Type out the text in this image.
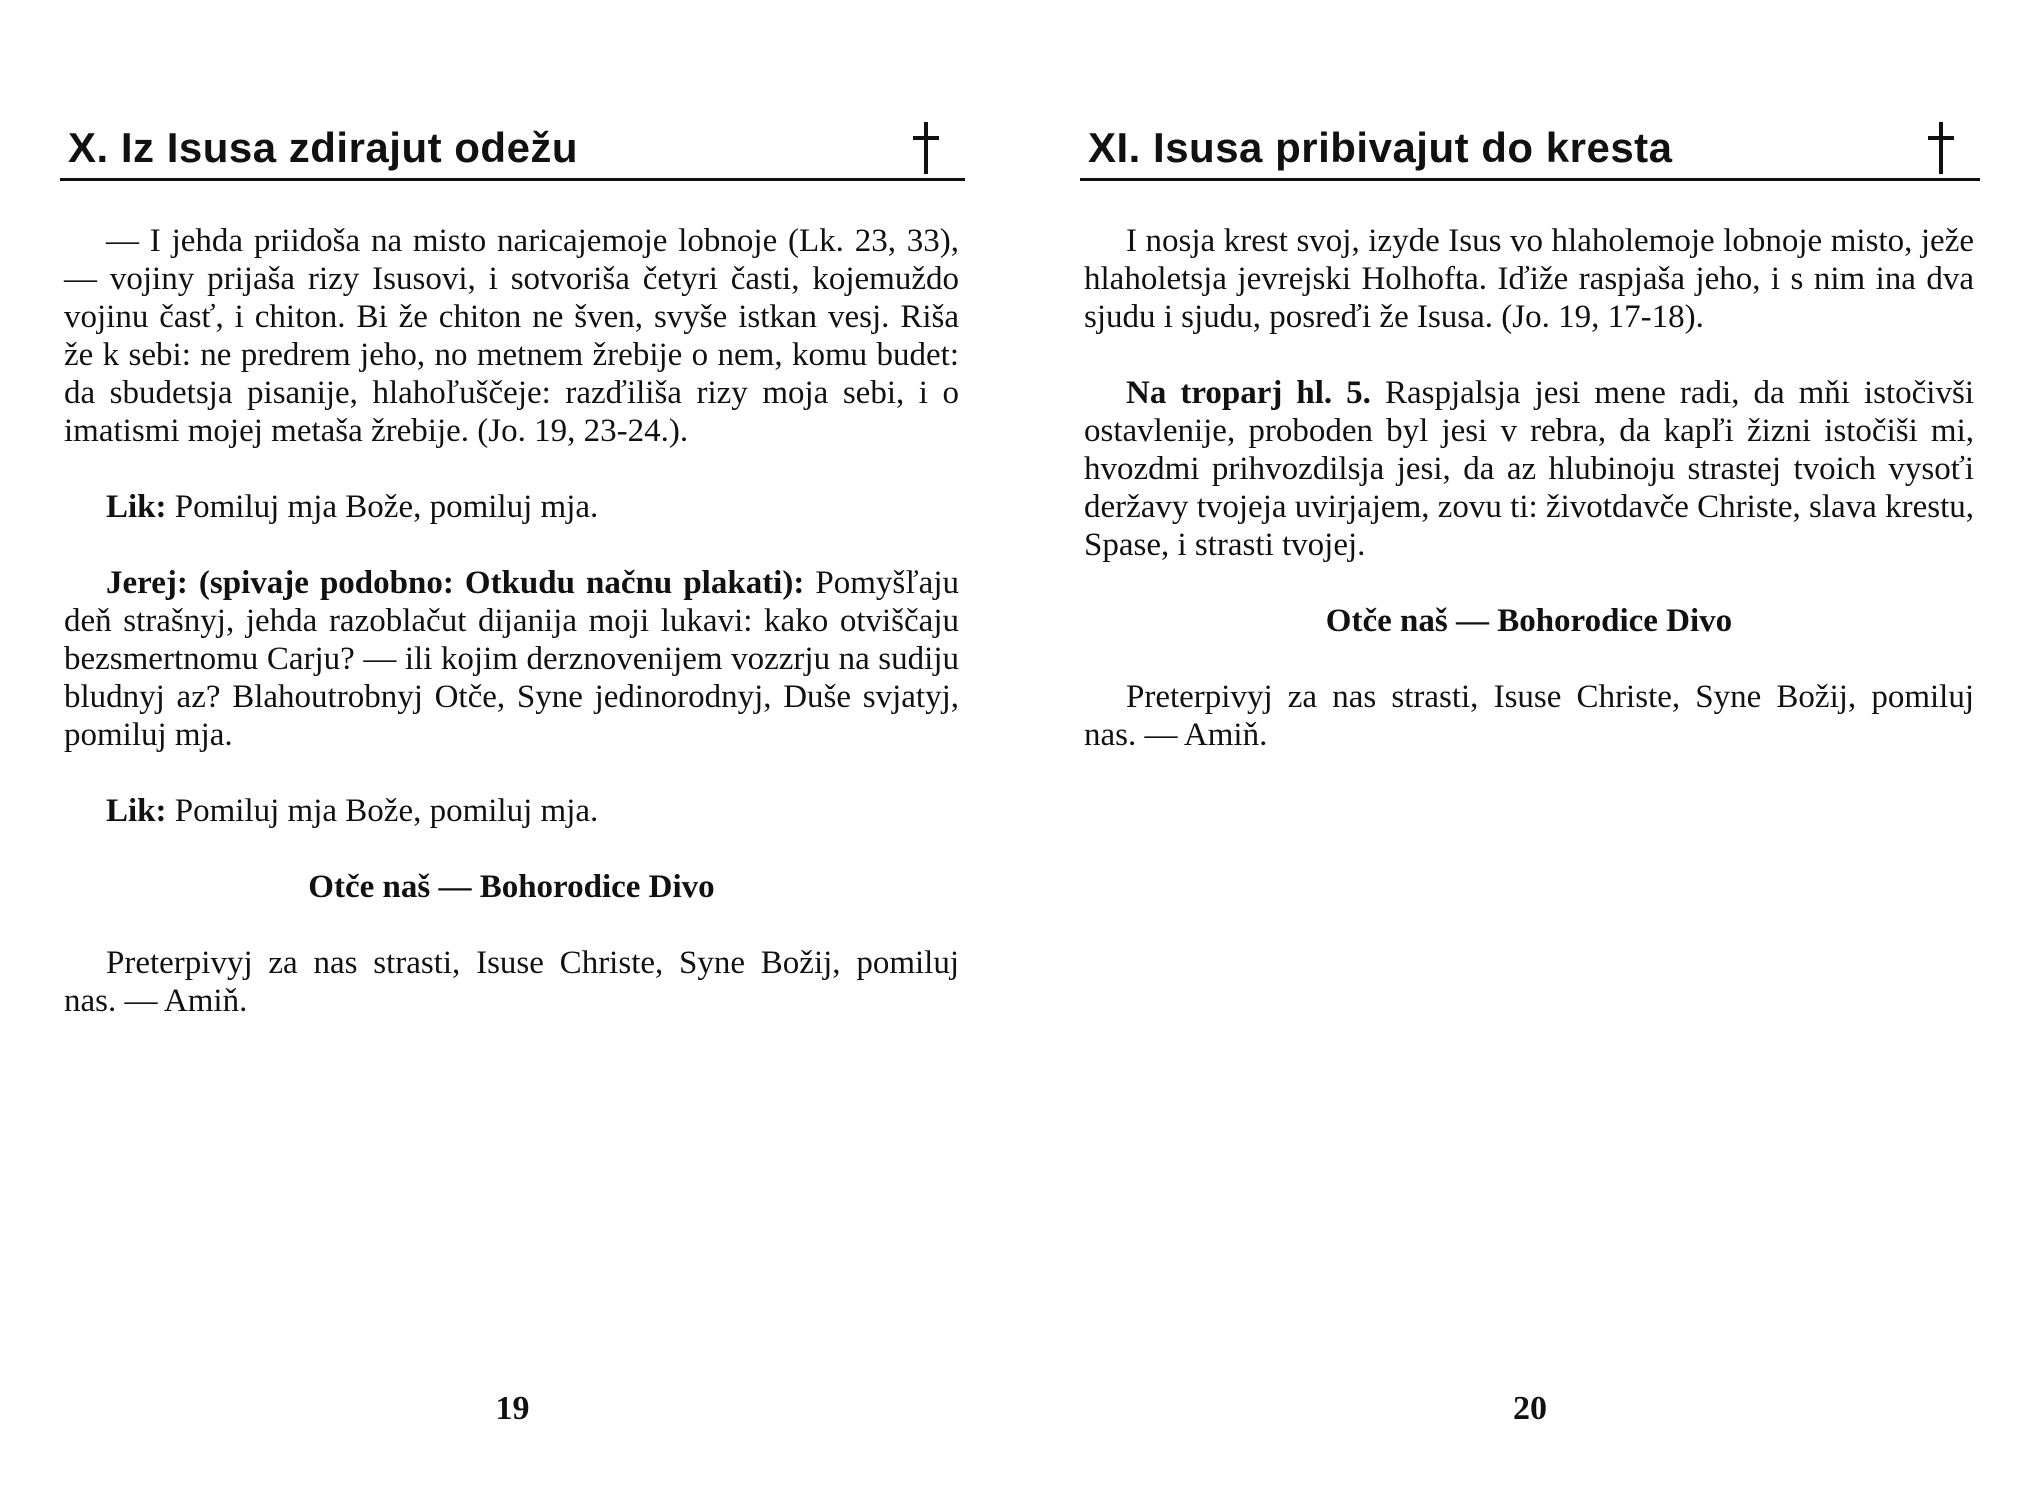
X. Iz Isusa zdirajut odežu

— I jehda priidoša na misto naricajemoje lobnoje (Lk. 23, 33), — vojiny prijaša rizy Isusovi, i sotvoriša četyri časti, kojemuždo vojinu časť, i chiton. Bi že chiton ne šven, svyše istkan vesj. Riša že k sebi: ne predrem jeho, no metnem žrebije o nem, komu budet: da sbudetsja pisanije, hlahoľuščeje: razďiliša rizy moja sebi, i o imatismi mojej metaša žrebije. (Jo. 19, 23-24.).

Lik: Pomiluj mja Bože, pomiluj mja.

Jerej: (spivaje podobno: Otkudu načnu plakati): Pomyšľaju deň strašnyj, jehda razoblačut dijanija moji lukavi: kako otviščaju bezsmertnomu Carju? — ili kojim derznovenijem vozzrju na sudiju bludnyj az? Blahoutrobnyj Otče, Syne jedinorodnyj, Duše svjatyj, pomiluj mja.

Lik: Pomiluj mja Bože, pomiluj mja.

Otče naš — Bohorodice Divo

Preterpivyj za nas strasti, Isuse Christe, Syne Božij, pomiluj nas. — Amiň.

19
XI. Isusa pribivajut do kresta

I nosja krest svoj, izyde Isus vo hlaholemoje lobnoje misto, ježe hlaholetsja jevrejski Holhofta. Iďiže raspjaša jeho, i s nim ina dva sjudu i sjudu, posreďi že Isusa. (Jo. 19, 17-18).

Na troparj hl. 5. Raspjalsja jesi mene radi, da mňi istočivši ostavlenije, proboden byl jesi v rebra, da kapľi žizni istočiši mi, hvozdmi prihvozdilsja jesi, da az hlubinoju strastej tvoich vysoťi deržavy tvojeja uvirjajem, zovu ti: životdavče Christe, slava krestu, Spase, i strasti tvojej.

Otče naš — Bohorodice Divo

Preterpivyj za nas strasti, Isuse Christe, Syne Božij, pomiluj nas. — Amiň.

20
